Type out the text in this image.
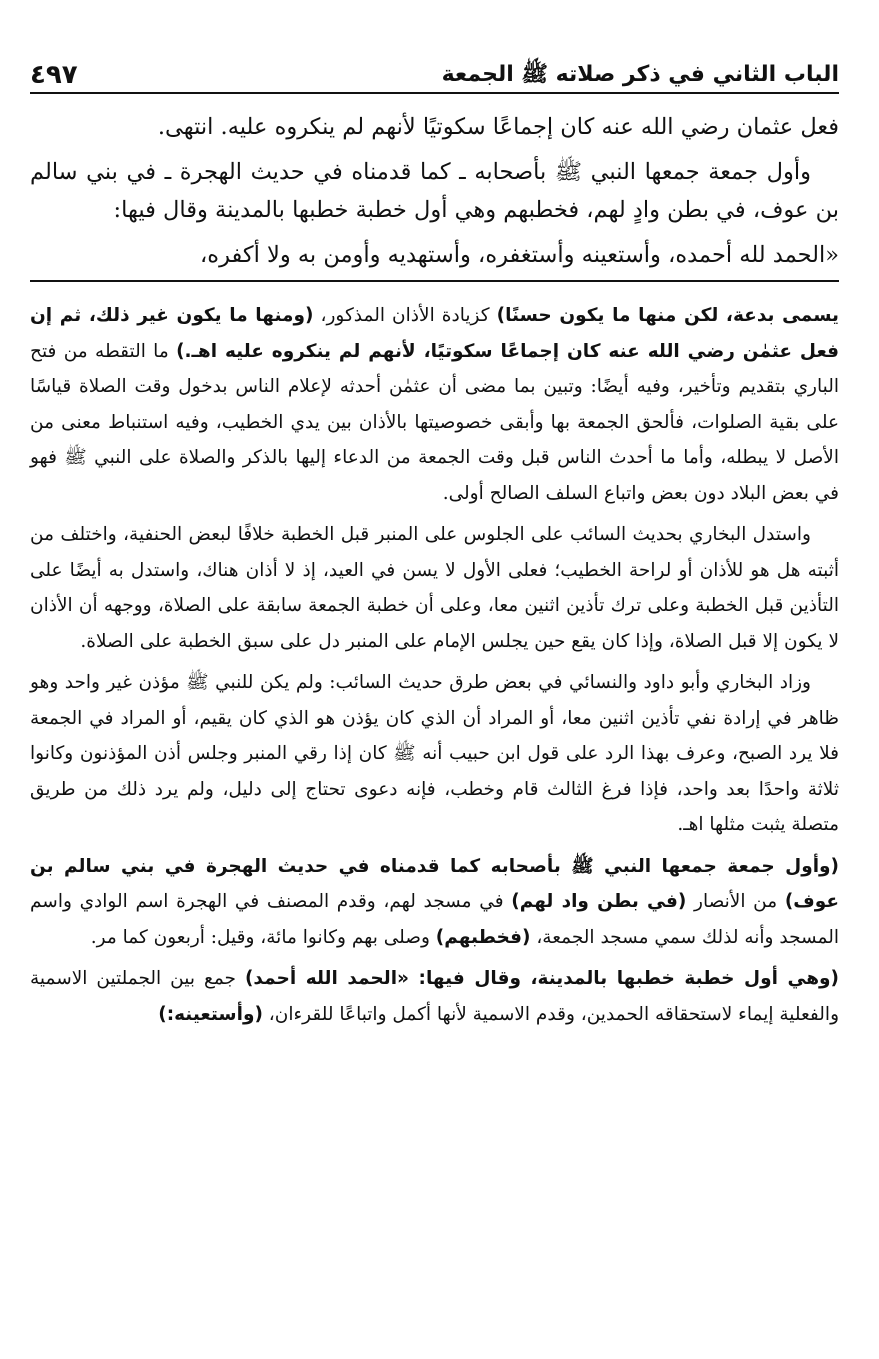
الباب الثاني في ذكر صلاته ﷺ الجمعة
٤٩٧

فعل عثمان رضي الله عنه كان إجماعًا سكوتيًا لأنهم لم ينكروه عليه. انتهى.

وأول جمعة جمعها النبي ﷺ بأصحابه ـ كما قدمناه في حديث الهجرة ـ في بني سالم بن عوف، في بطن وادٍ لهم، فخطبهم وهي أول خطبة خطبها بالمدينة وقال فيها:

«الحمد لله أحمده، وأستعينه وأستغفره، وأستهديه وأومن به ولا أكفره،

يسمى بدعة، لكن منها ما يكون حسنًا) كزيادة الأذان المذكور، (ومنها ما يكون غير ذلك، ثم إن فعل عثمٰن رضي الله عنه كان إجماعًا سكوتيًا، لأنهم لم ينكروه عليه اهـ.) ما التقطه من فتح الباري بتقديم وتأخير، وفيه أيضًا: وتبين بما مضى أن عثمٰن أحدثه لإعلام الناس بدخول وقت الصلاة قياسًا على بقية الصلوات، فألحق الجمعة بها وأبقى خصوصيتها بالأذان بين يدي الخطيب، وفيه استنباط معنى من الأصل لا يبطله، وأما ما أحدث الناس قبل وقت الجمعة من الدعاء إليها بالذكر والصلاة على النبي ﷺ فهو في بعض البلاد دون بعض واتباع السلف الصالح أولى.

واستدل البخاري بحديث السائب على الجلوس على المنبر قبل الخطبة خلافًا لبعض الحنفية، واختلف من أثبته هل هو للأذان أو لراحة الخطيب؛ فعلى الأول لا يسن في العيد، إذ لا أذان هناك، واستدل به أيضًا على التأذين قبل الخطبة وعلى ترك تأذين اثنين معا، وعلى أن خطبة الجمعة سابقة على الصلاة، ووجهه أن الأذان لا يكون إلا قبل الصلاة، وإذا كان يقع حين يجلس الإمام على المنبر دل على سبق الخطبة على الصلاة.

وزاد البخاري وأبو داود والنسائي في بعض طرق حديث السائب: ولم يكن للنبي ﷺ مؤذن غير واحد وهو ظاهر في إرادة نفي تأذين اثنين معا، أو المراد أن الذي كان يؤذن هو الذي كان يقيم، أو المراد في الجمعة فلا يرد الصبح، وعرف بهذا الرد على قول ابن حبيب أنه ﷺ كان إذا رقي المنبر وجلس أذن المؤذنون وكانوا ثلاثة واحدًا بعد واحد، فإذا فرغ الثالث قام وخطب، فإنه دعوى تحتاج إلى دليل، ولم يرد ذلك من طريق متصلة يثبت مثلها اهـ.

(وأول جمعة جمعها النبي ﷺ بأصحابه كما قدمناه في حديث الهجرة في بني سالم بن عوف) من الأنصار (في بطن واد لهم) في مسجد لهم، وقدم المصنف في الهجرة اسم الوادي واسم المسجد وأنه لذلك سمي مسجد الجمعة، (فخطبهم) وصلى بهم وكانوا مائة، وقيل: أربعون كما مر.

(وهي أول خطبة خطبها بالمدينة، وقال فيها: «الحمد الله أحمد) جمع بين الجملتين الاسمية والفعلية إيماء لاستحقاقه الحمدين، وقدم الاسمية لأنها أكمل واتباعًا للقرءان، (وأستعينه:)
